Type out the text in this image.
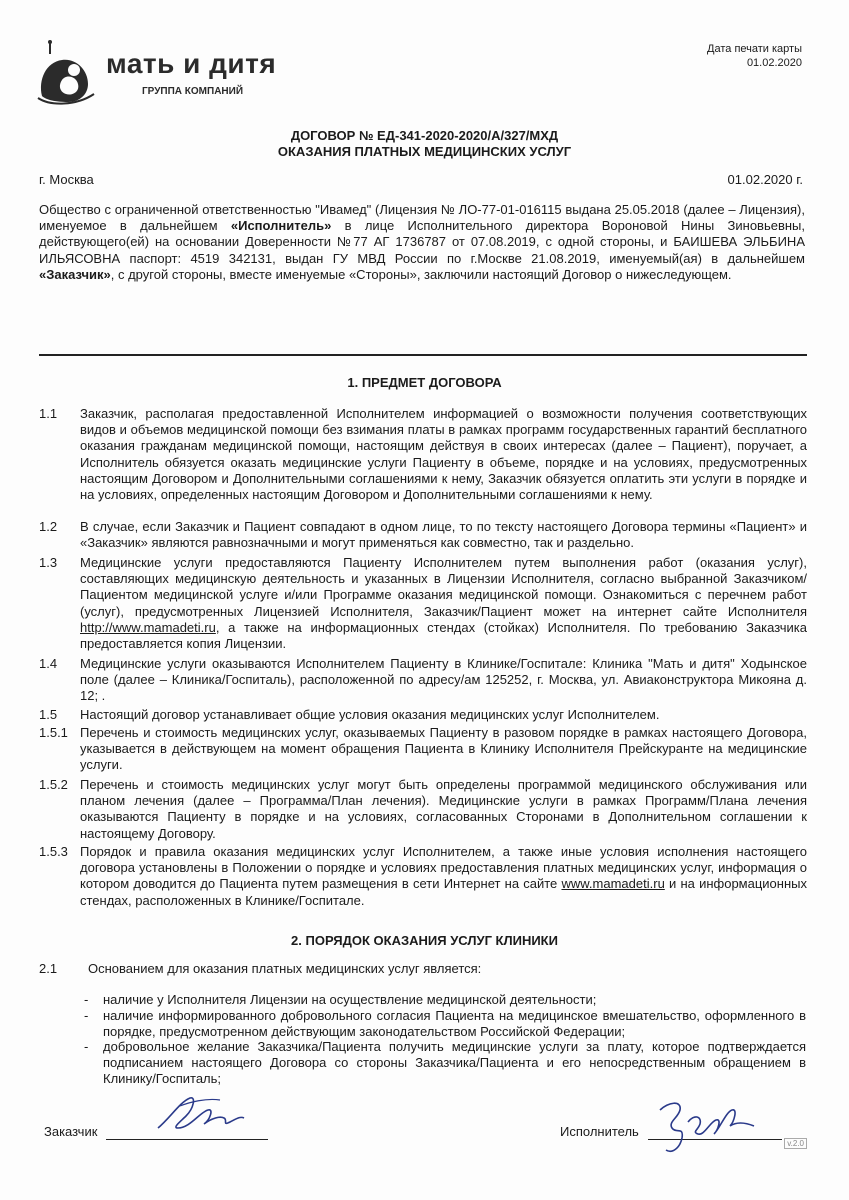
мать и дитя
ГРУППА КОМПАНИЙ
Дата печати карты
01.02.2020
ДОГОВОР № ЕД-341-2020-2020/А/327/МХД
ОКАЗАНИЯ ПЛАТНЫХ МЕДИЦИНСКИХ УСЛУГ
г. Москва	01.02.2020 г.
Общество с ограниченной ответственностью "Ивамед" (Лицензия № ЛО-77-01-016115 выдана 25.05.2018 (далее – Лицензия), именуемое в дальнейшем «Исполнитель» в лице Исполнительного директора Вороновой Нины Зиновьевны, действующего(ей) на основании Доверенности №77 АГ 1736787 от 07.08.2019, с одной стороны, и БАИШЕВА ЭЛЬБИНА ИЛЬЯСОВНА паспорт: 4519 342131, выдан ГУ МВД России по г.Москве 21.08.2019, именуемый(ая) в дальнейшем «Заказчик», с другой стороны, вместе именуемые «Стороны», заключили настоящий Договор о нижеследующем.
1. ПРЕДМЕТ ДОГОВОРА
1.1 Заказчик, располагая предоставленной Исполнителем информацией о возможности получения соответствующих видов и объемов медицинской помощи без взимания платы в рамках программ государственных гарантий бесплатного оказания гражданам медицинской помощи, настоящим действуя в своих интересах (далее – Пациент), поручает, а Исполнитель обязуется оказать медицинские услуги Пациенту в объеме, порядке и на условиях, предусмотренных настоящим Договором и Дополнительными соглашениями к нему, Заказчик обязуется оплатить эти услуги в порядке и на условиях, определенных настоящим Договором и Дополнительными соглашениями к нему.
1.2 В случае, если Заказчик и Пациент совпадают в одном лице, то по тексту настоящего Договора термины «Пациент» и «Заказчик» являются равнозначными и могут применяться как совместно, так и раздельно.
1.3 Медицинские услуги предоставляются Пациенту Исполнителем путем выполнения работ (оказания услуг), составляющих медицинскую деятельность и указанных в Лицензии Исполнителя, согласно выбранной Заказчиком/Пациентом медицинской услуге и/или Программе оказания медицинской помощи. Ознакомиться с перечнем работ (услуг), предусмотренных Лицензией Исполнителя, Заказчик/Пациент может на интернет сайте Исполнителя http://www.mamadeti.ru, а также на информационных стендах (стойках) Исполнителя. По требованию Заказчика предоставляется копия Лицензии.
1.4 Медицинские услуги оказываются Исполнителем Пациенту в Клинике/Госпитале: Клиника "Мать и дитя" Ходынское поле (далее – Клиника/Госпиталь), расположенной по адресу/ам 125252, г. Москва, ул. Авиаконструктора Микояна д. 12; .
1.5 Настоящий договор устанавливает общие условия оказания медицинских услуг Исполнителем.
1.5.1 Перечень и стоимость медицинских услуг, оказываемых Пациенту в разовом порядке в рамках настоящего Договора, указывается в действующем на момент обращения Пациента в Клинику Исполнителя Прейскуранте на медицинские услуги.
1.5.2 Перечень и стоимость медицинских услуг могут быть определены программой медицинского обслуживания или планом лечения (далее – Программа/План лечения). Медицинские услуги в рамках Программ/Плана лечения оказываются Пациенту в порядке и на условиях, согласованных Сторонами в Дополнительном соглашении к настоящему Договору.
1.5.3 Порядок и правила оказания медицинских услуг Исполнителем, а также иные условия исполнения настоящего договора установлены в Положении о порядке и условиях предоставления платных медицинских услуг, информация о котором доводится до Пациента путем размещения в сети Интернет на сайте www.mamadeti.ru и на информационных стендах, расположенных в Клинике/Госпитале.
2. ПОРЯДОК ОКАЗАНИЯ УСЛУГ КЛИНИКИ
2.1 Основанием для оказания платных медицинских услуг является:
- наличие у Исполнителя Лицензии на осуществление медицинской деятельности;
- наличие информированного добровольного согласия Пациента на медицинское вмешательство, оформленного в порядке, предусмотренном действующим законодательством Российской Федерации;
- добровольное желание Заказчика/Пациента получить медицинские услуги за плату, которое подтверждается подписанием настоящего Договора со стороны Заказчика/Пациента и его непосредственным обращением в Клинику/Госпиталь;
Заказчик	Исполнитель
v.2.0
